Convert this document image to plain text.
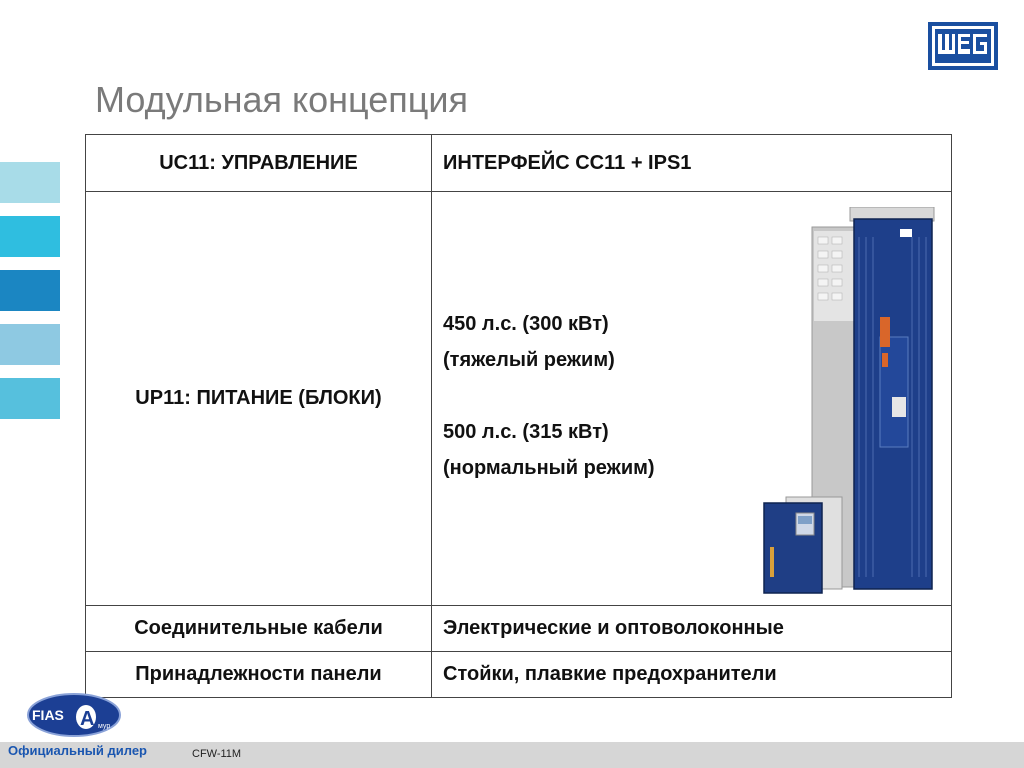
Модульная концепция
UC11: УПРАВЛЕНИЕ	ИНТЕРФЕЙС CC11 + IPS1
UP11: ПИТАНИЕ (БЛОКИ)	450 л.с. (300 кВт)
(тяжелый режим)
500 л.с. (315 кВт)
(нормальный режим)

Соединительные кабели	Электрические и оптоволоконные
Принадлежности панели	Стойки, плавкие предохранители
FIAS A мур
Официальный дилер	CFW-11M
